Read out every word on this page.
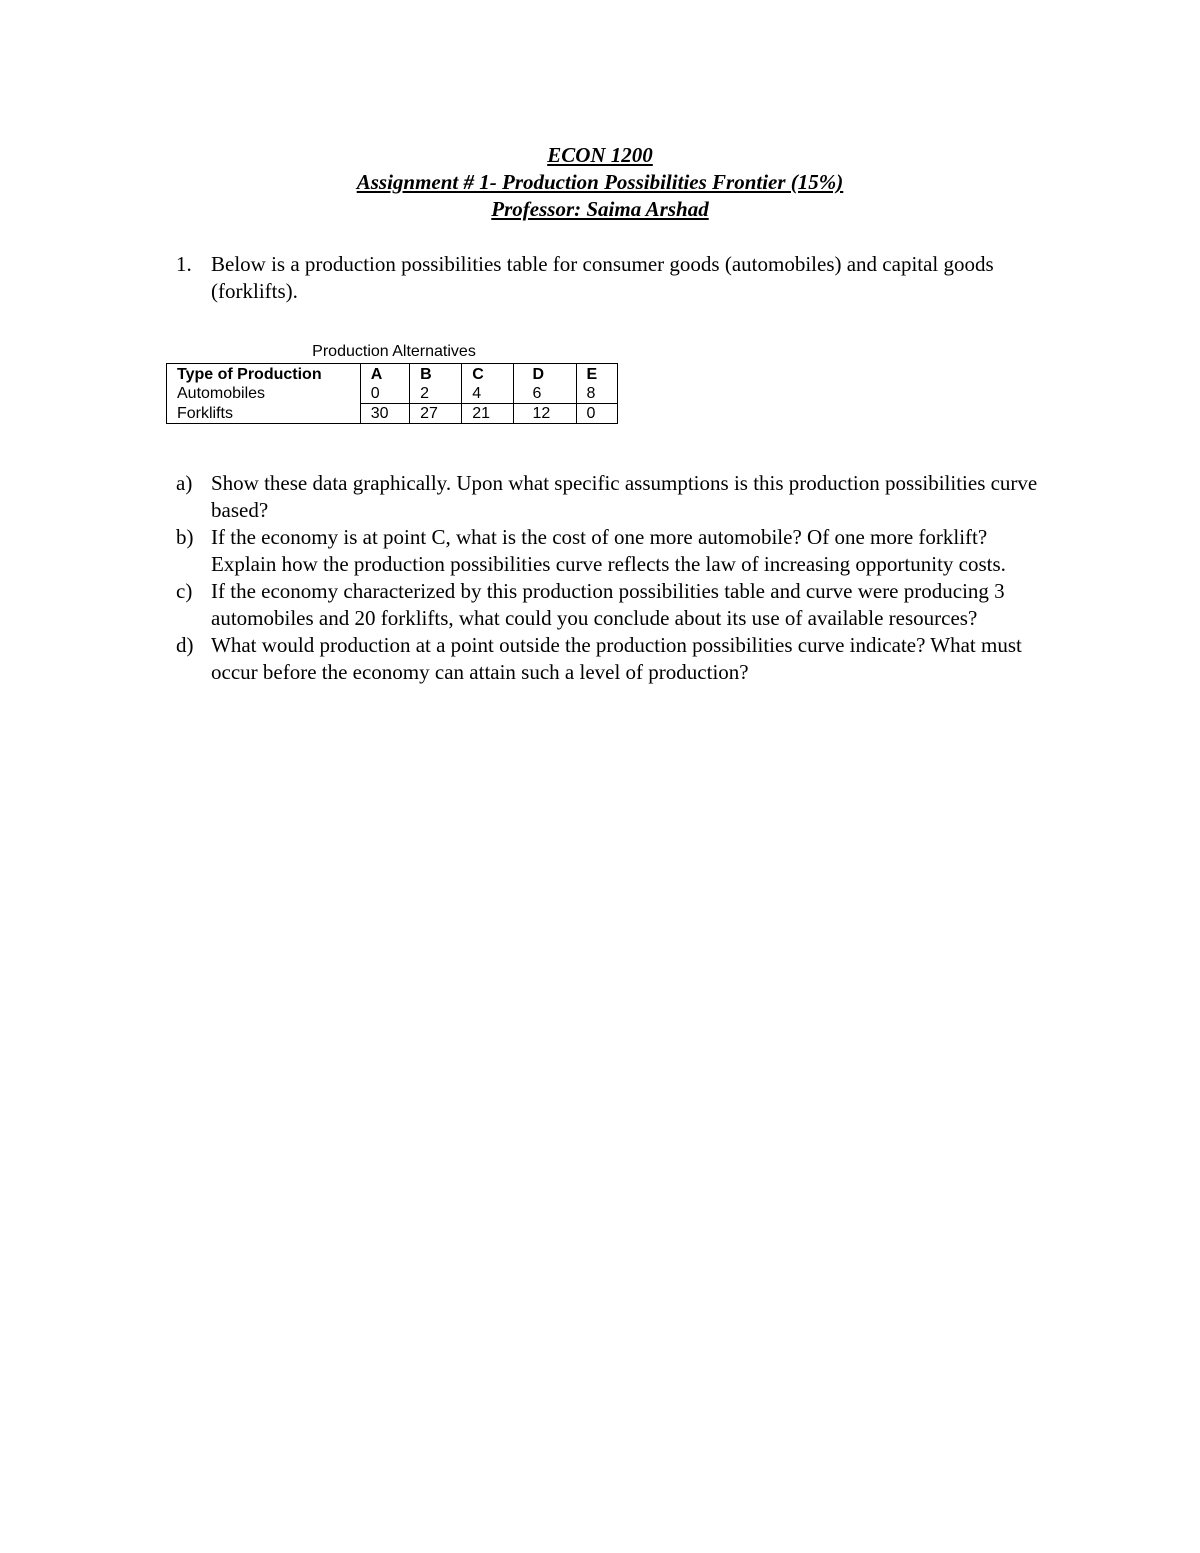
ECON 1200
Assignment # 1- Production Possibilities Frontier (15%)
Professor: Saima Arshad
1. Below is a production possibilities table for consumer goods (automobiles) and capital goods (forklifts).
Production Alternatives
Type of Production	A	B	C	D	E
Automobiles	0	2	4	6	8
Forklifts	30	27	21	12	0
a) Show these data graphically. Upon what specific assumptions is this production possibilities curve based?
b) If the economy is at point C, what is the cost of one more automobile? Of one more forklift? Explain how the production possibilities curve reflects the law of increasing opportunity costs.
c) If the economy characterized by this production possibilities table and curve were producing 3 automobiles and 20 forklifts, what could you conclude about its use of available resources?
d) What would production at a point outside the production possibilities curve indicate? What must occur before the economy can attain such a level of production?
